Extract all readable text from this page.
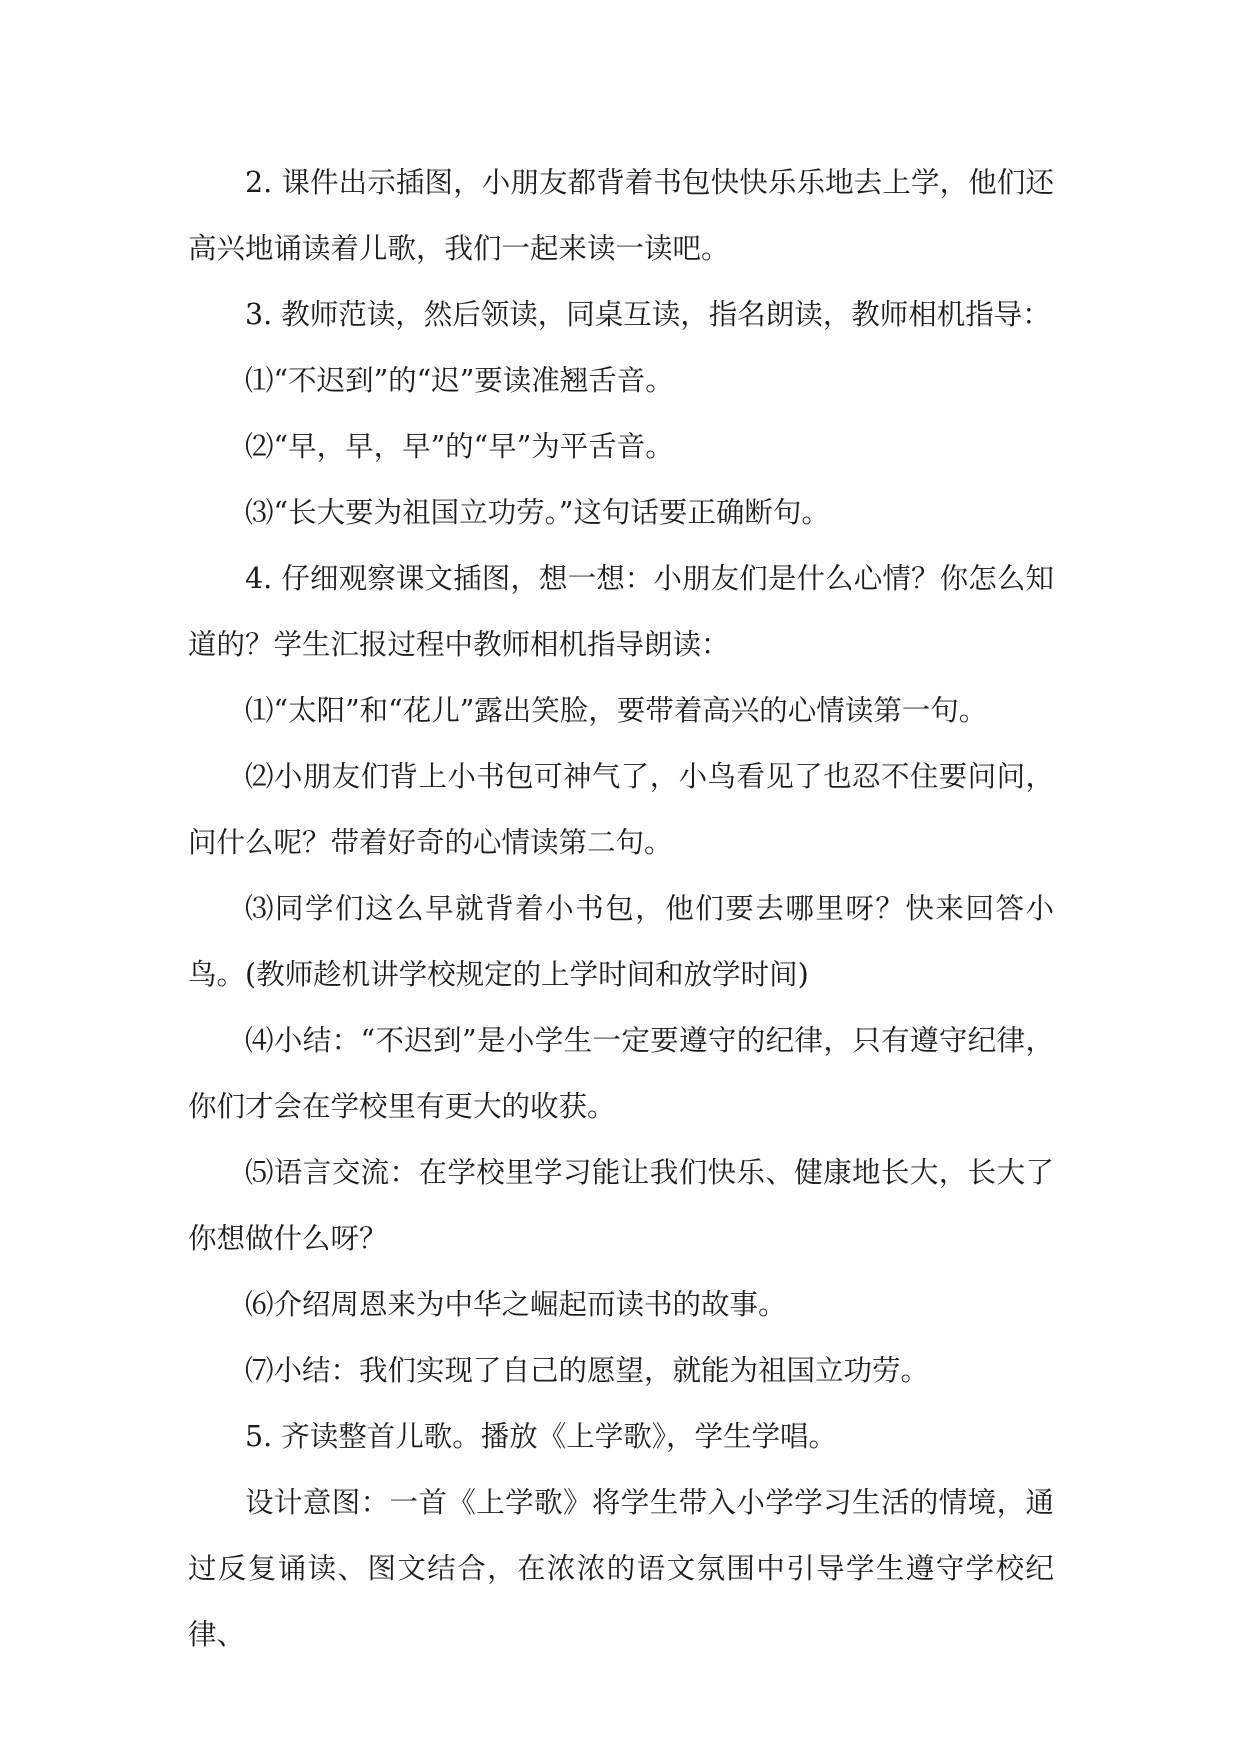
2. 课件出示插图，小朋友都背着书包快快乐乐地去上学，他们还高兴地诵读着儿歌，我们一起来读一读吧。

3. 教师范读，然后领读，同桌互读，指名朗读，教师相机指导：

⑴“不迟到”的“迟”要读准翘舌音。

⑵“早，早，早”的“早”为平舌音。

⑶“长大要为祖国立功劳。”这句话要正确断句。

4. 仔细观察课文插图，想一想：小朋友们是什么心情？你怎么知道的？学生汇报过程中教师相机指导朗读：

⑴“太阳”和“花儿”露出笑脸，要带着高兴的心情读第一句。

⑵小朋友们背上小书包可神气了，小鸟看见了也忍不住要问问，问什么呢？带着好奇的心情读第二句。

⑶同学们这么早就背着小书包，他们要去哪里呀？快来回答小鸟。(教师趁机讲学校规定的上学时间和放学时间)

⑷小结：“不迟到”是小学生一定要遵守的纪律，只有遵守纪律，你们才会在学校里有更大的收获。

⑸语言交流：在学校里学习能让我们快乐、健康地长大，长大了你想做什么呀？

⑹介绍周恩来为中华之崛起而读书的故事。

⑺小结：我们实现了自己的愿望，就能为祖国立功劳。

5. 齐读整首儿歌。播放《上学歌》，学生学唱。

设计意图：一首《上学歌》将学生带入小学学习生活的情境，通过反复诵读、图文结合，在浓浓的语文氛围中引导学生遵守学校纪律、
